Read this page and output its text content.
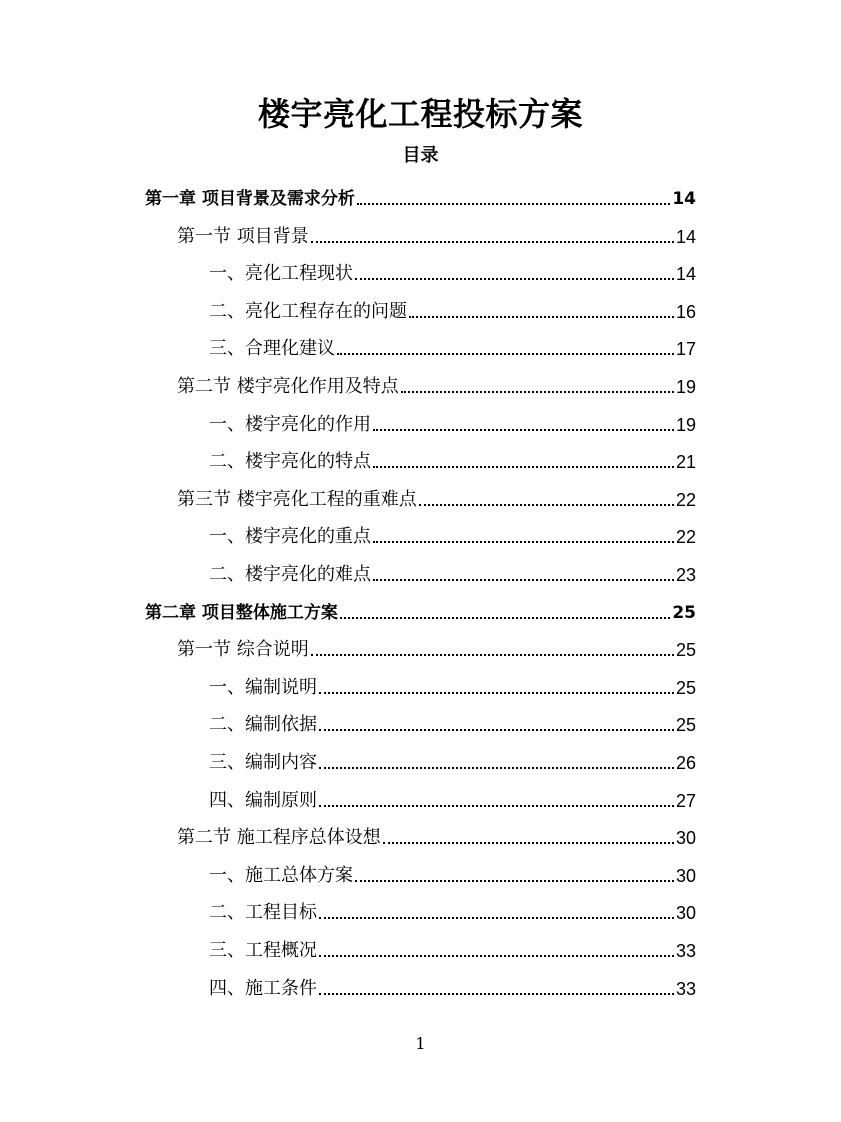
楼宇亮化工程投标方案
目录
第一章 项目背景及需求分析	14
第一节 项目背景	14
一、亮化工程现状	14
二、亮化工程存在的问题	16
三、合理化建议	17
第二节 楼宇亮化作用及特点	19
一、楼宇亮化的作用	19
二、楼宇亮化的特点	21
第三节 楼宇亮化工程的重难点	22
一、楼宇亮化的重点	22
二、楼宇亮化的难点	23
第二章 项目整体施工方案	25
第一节 综合说明	25
一、编制说明	25
二、编制依据	25
三、编制内容	26
四、编制原则	27
第二节 施工程序总体设想	30
一、施工总体方案	30
二、工程目标	30
三、工程概况	33
四、施工条件	33
1
